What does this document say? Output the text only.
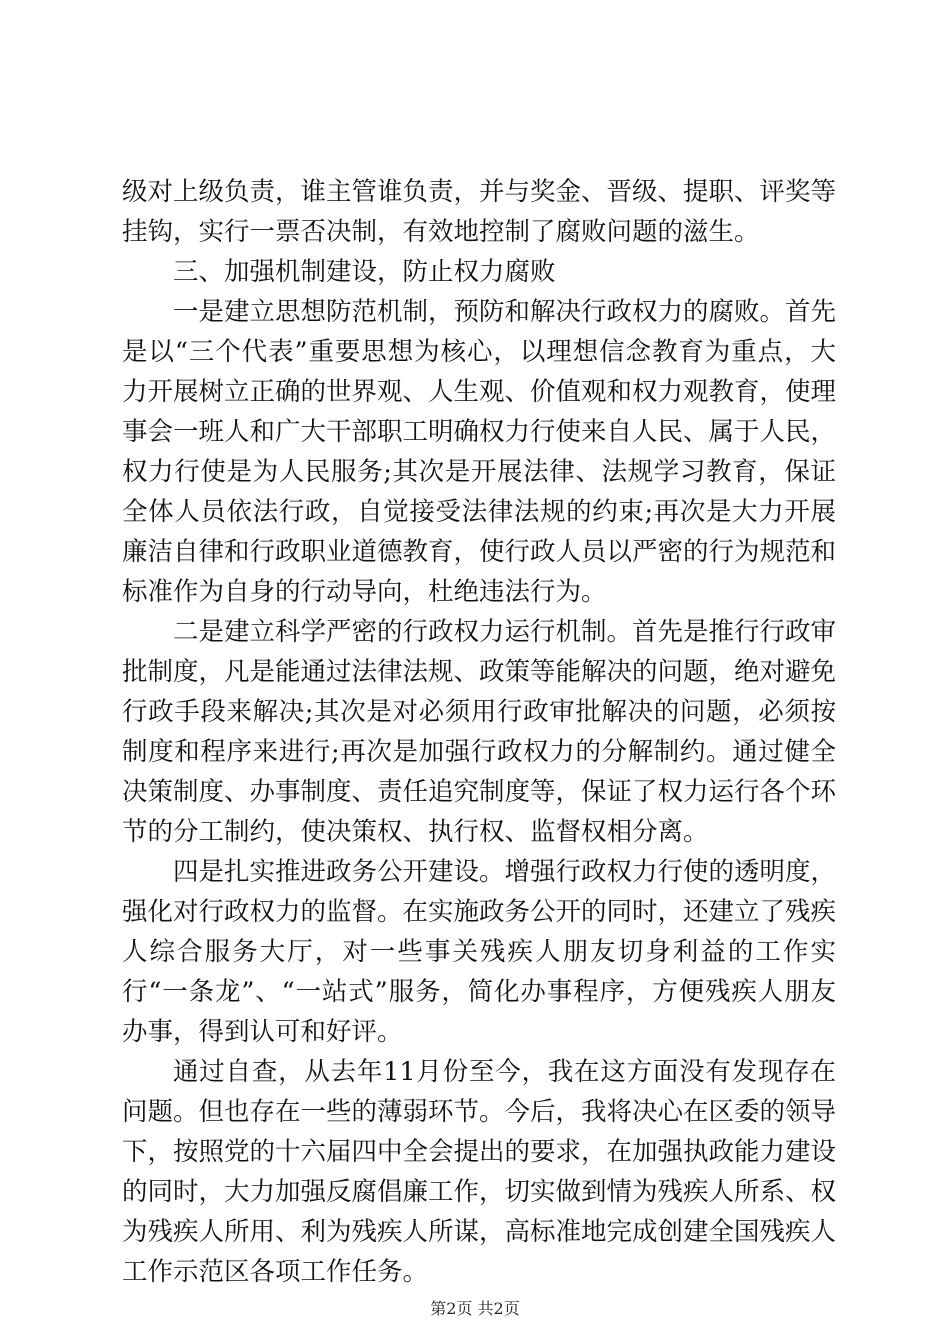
级对上级负责，谁主管谁负责，并与奖金、晋级、提职、评奖等挂钩，实行一票否决制，有效地控制了腐败问题的滋生。

三、加强机制建设，防止权力腐败

一是建立思想防范机制，预防和解决行政权力的腐败。首先是以“三个代表”重要思想为核心，以理想信念教育为重点，大力开展树立正确的世界观、人生观、价值观和权力观教育，使理事会一班人和广大干部职工明确权力行使来自人民、属于人民，权力行使是为人民服务;其次是开展法律、法规学习教育，保证全体人员依法行政，自觉接受法律法规的约束;再次是大力开展廉洁自律和行政职业道德教育，使行政人员以严密的行为规范和标准作为自身的行动导向，杜绝违法行为。

二是建立科学严密的行政权力运行机制。首先是推行行政审批制度，凡是能通过法律法规、政策等能解决的问题，绝对避免行政手段来解决;其次是对必须用行政审批解决的问题，必须按制度和程序来进行;再次是加强行政权力的分解制约。通过健全决策制度、办事制度、责任追究制度等，保证了权力运行各个环节的分工制约，使决策权、执行权、监督权相分离。

四是扎实推进政务公开建设。增强行政权力行使的透明度，强化对行政权力的监督。在实施政务公开的同时，还建立了残疾人综合服务大厅，对一些事关残疾人朋友切身利益的工作实行“一条龙”、“一站式”服务，简化办事程序，方便残疾人朋友办事，得到认可和好评。

通过自查，从去年11月份至今，我在这方面没有发现存在问题。但也存在一些的薄弱环节。今后，我将决心在区委的领导下，按照党的十六届四中全会提出的要求，在加强执政能力建设的同时，大力加强反腐倡廉工作，切实做到情为残疾人所系、权为残疾人所用、利为残疾人所谋，高标准地完成创建全国残疾人工作示范区各项工作任务。

第2页 共2页
